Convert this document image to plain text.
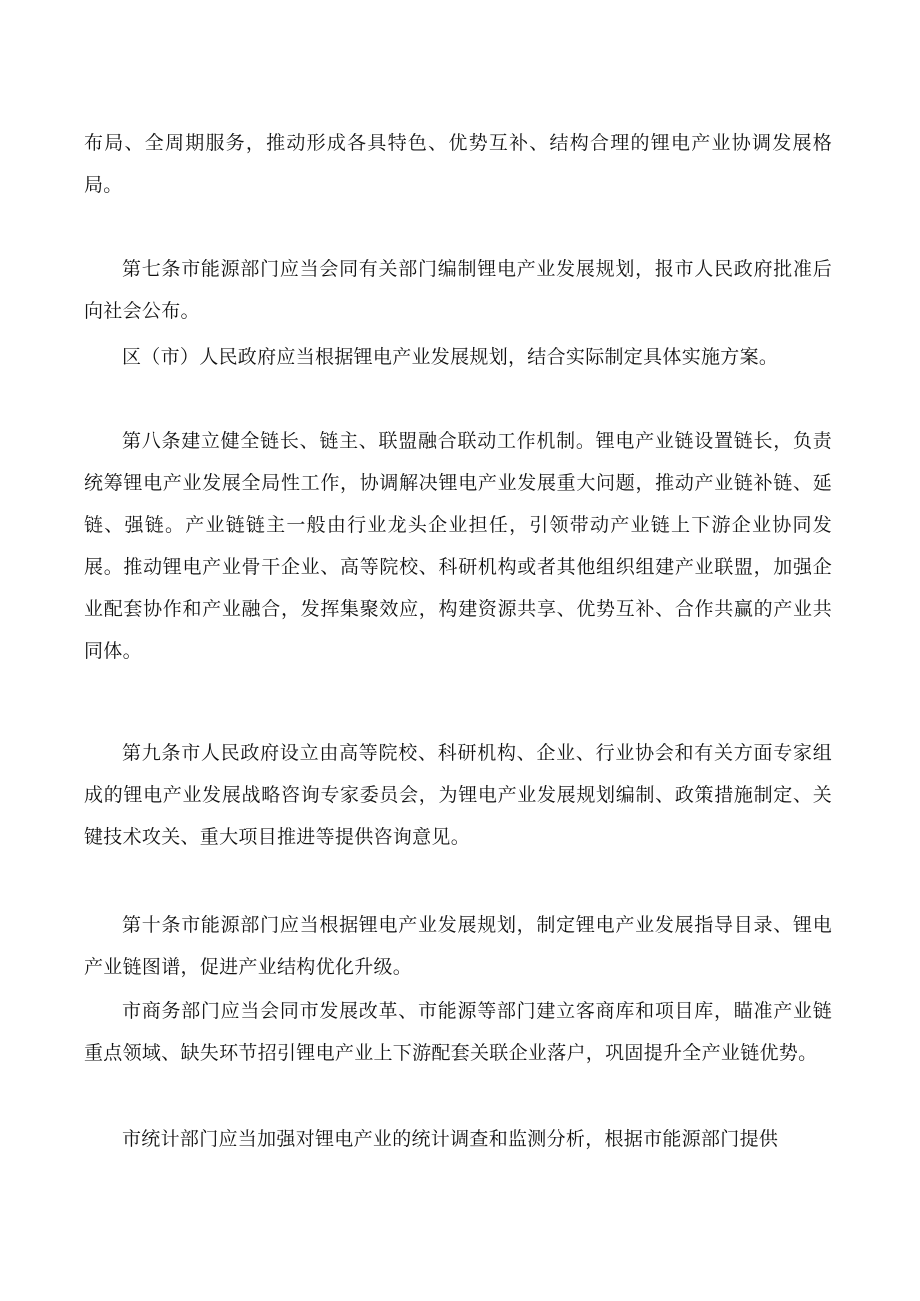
布局、全周期服务，推动形成各具特色、优势互补、结构合理的锂电产业协调发展格局。

第七条市能源部门应当会同有关部门编制锂电产业发展规划，报市人民政府批准后向社会公布。

区（市）人民政府应当根据锂电产业发展规划，结合实际制定具体实施方案。

第八条建立健全链长、链主、联盟融合联动工作机制。锂电产业链设置链长，负责统筹锂电产业发展全局性工作，协调解决锂电产业发展重大问题，推动产业链补链、延链、强链。产业链链主一般由行业龙头企业担任，引领带动产业链上下游企业协同发展。推动锂电产业骨干企业、高等院校、科研机构或者其他组织组建产业联盟，加强企业配套协作和产业融合，发挥集聚效应，构建资源共享、优势互补、合作共赢的产业共同体。

第九条市人民政府设立由高等院校、科研机构、企业、行业协会和有关方面专家组成的锂电产业发展战略咨询专家委员会，为锂电产业发展规划编制、政策措施制定、关键技术攻关、重大项目推进等提供咨询意见。

第十条市能源部门应当根据锂电产业发展规划，制定锂电产业发展指导目录、锂电产业链图谱，促进产业结构优化升级。

市商务部门应当会同市发展改革、市能源等部门建立客商库和项目库，瞄准产业链重点领域、缺失环节招引锂电产业上下游配套关联企业落户，巩固提升全产业链优势。

市统计部门应当加强对锂电产业的统计调查和监测分析，根据市能源部门提供
